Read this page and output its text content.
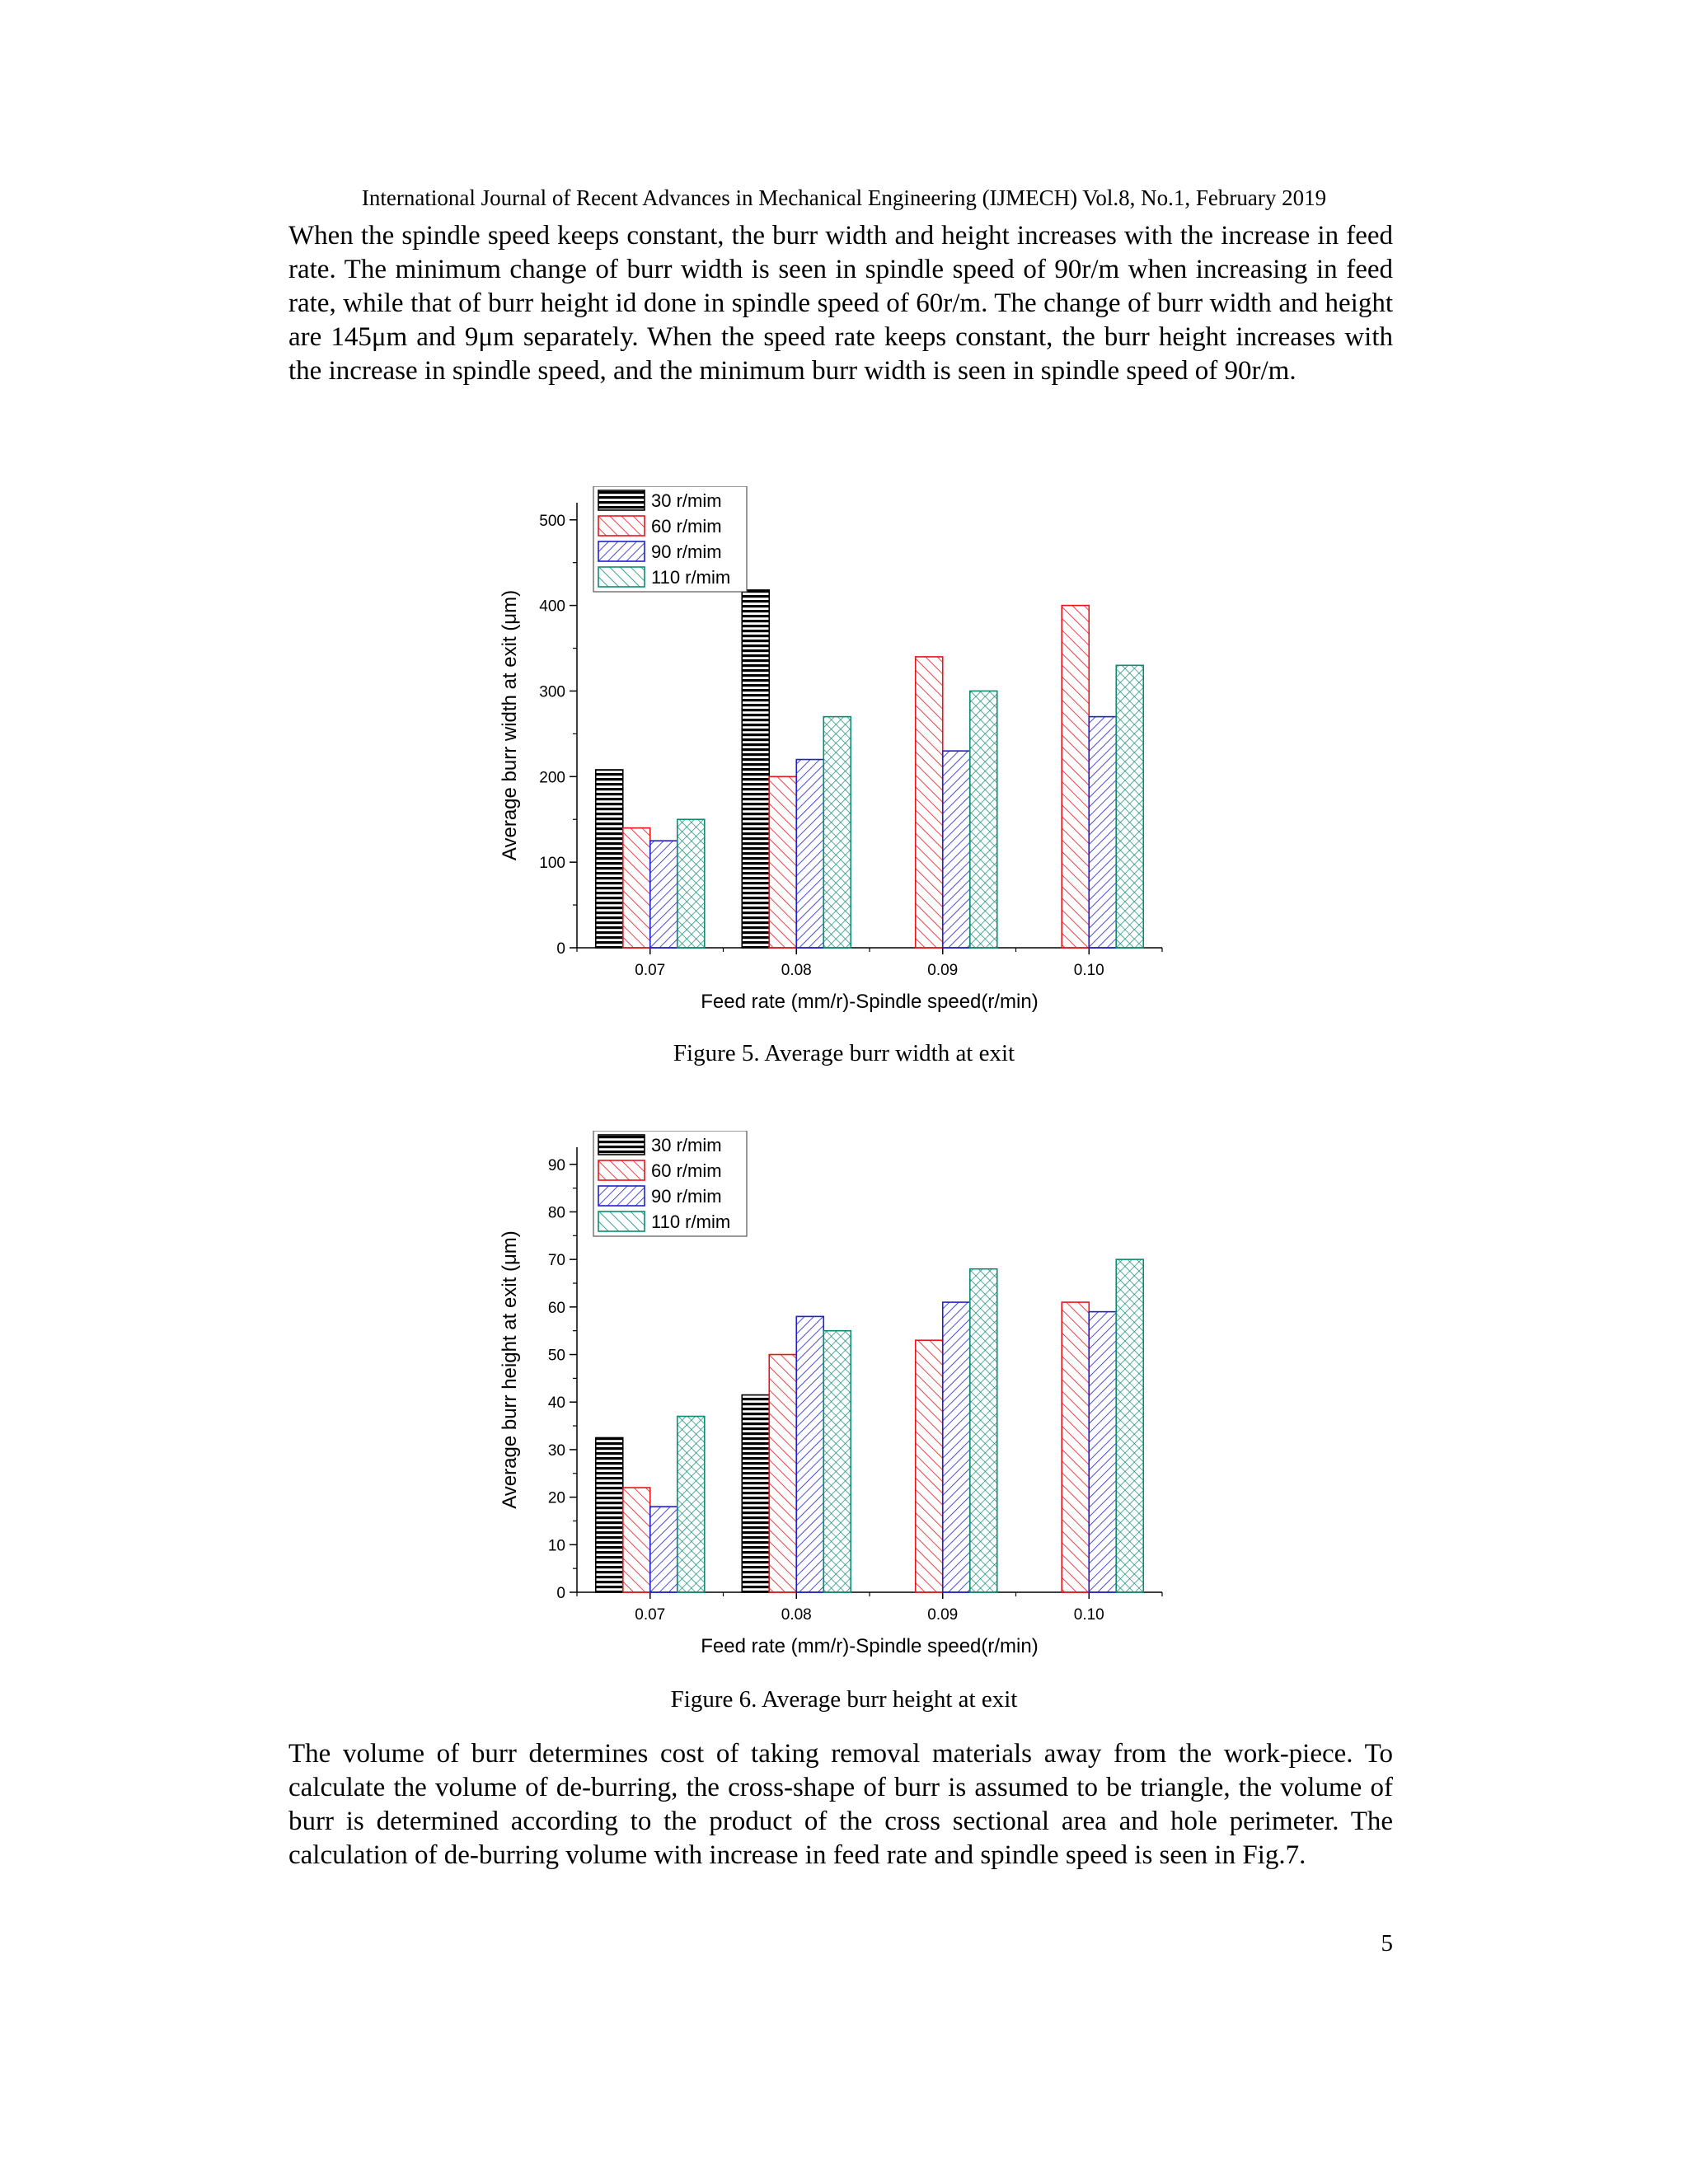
International Journal of Recent Advances in Mechanical Engineering (IJMECH) Vol.8, No.1, February 2019

When the spindle speed keeps constant, the burr width and height increases with the increase in feed rate. The minimum change of burr width is seen in spindle speed of 90r/m when increasing in feed rate, while that of burr height id done in spindle speed of 60r/m. The change of burr width and height are 145μm and 9μm separately. When the speed rate keeps constant, the burr height increases with the increase in spindle speed, and the minimum burr width is seen in spindle speed of 90r/m.

0
100
200
300
400
500
0.07	0.08	0.09	0.10
Feed rate (mm/r)-Spindle speed(r/min)
Average burr width at exit (μm)
30 r/mim
60 r/mim
90 r/mim
110 r/mim
Figure 5. Average burr width at exit
0
10
20
30
40
50
60
70
80
90
0.07	0.08	0.09	0.10
Feed rate (mm/r)-Spindle speed(r/min)
Average burr height at exit (μm)
30 r/mim
60 r/mim
90 r/mim
110 r/mim
Figure 6. Average burr height at exit

The volume of burr determines cost of taking removal materials away from the work-piece. To calculate the volume of de-burring, the cross-shape of burr is assumed to be triangle, the volume of burr is determined according to the product of the cross sectional area and hole perimeter. The calculation of de-burring volume with increase in feed rate and spindle speed is seen in Fig.7.

5
